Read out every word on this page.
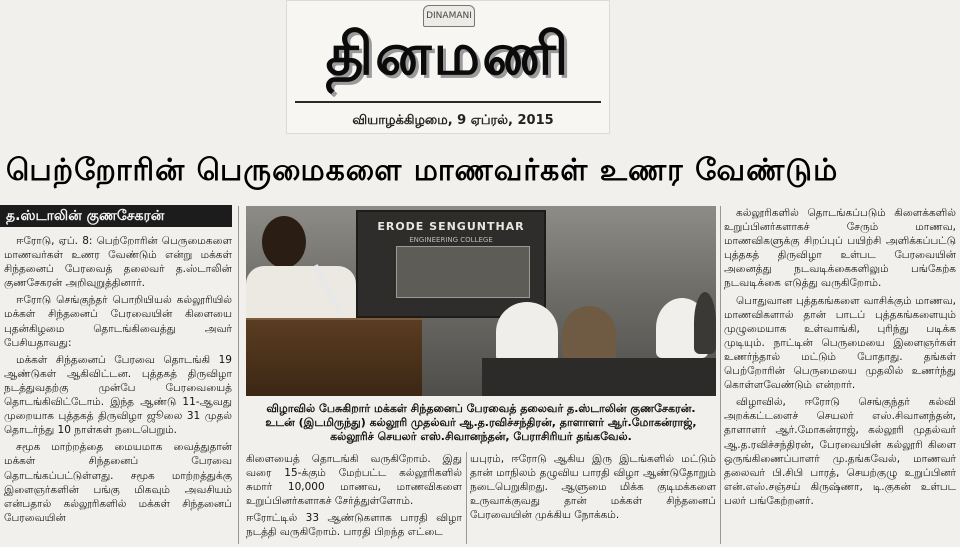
DINAMANI
தினமணி
வியாழக்கிழமை, 9 ஏப்ரல், 2015
பெற்றோரின் பெருமைகளை மாணவர்கள் உணர வேண்டும்
த.ஸ்டாலின் குணசேகரன்

ஈரோடு, ஏப். 8: பெற்றோரின் பெருமைகளை மாணவர்கள் உணர வேண்டும் என்று மக்கள் சிந்தனைப் பேரவைத் தலைவர் த.ஸ்டாலின் குணசேகரன் அறிவுறுத்தினார்.

ஈரோடு செங்குந்தர் பொறியியல் கல்லூரியில் மக்கள் சிந்தனைப் பேரவையின் கிளையை புதன்கிழமை தொடங்கிவைத்து அவர் பேசியதாவது:

மக்கள் சிந்தனைப் பேரவை தொடங்கி 19 ஆண்டுகள் ஆகிவிட்டன. புத்தகத் திருவிழா நடத்துவதற்கு முன்பே பேரவையைத் தொடங்கிவிட்டோம். இந்த ஆண்டு 11-ஆவது முறையாக புத்தகத் திருவிழா ஜூலை 31 முதல் தொடர்ந்து 10 நாள்கள் நடைபெறும்.

சமூக மாற்றத்தை மையமாக வைத்துதான் மக்கள் சிந்தனைப் பேரவை தொடங்கப்பட்டுள்ளது. சமூக மாற்றத்துக்கு இளைஞர்களின் பங்கு மிகவும் அவசியம் என்பதால் கல்லூரிகளில் மக்கள் சிந்தனைப் பேரவையின்

ERODE SENGUNTHAR
ENGINEERING COLLEGE
விழாவில் பேசுகிறார் மக்கள் சிந்தனைப் பேரவைத் தலைவர் த.ஸ்டாலின் குணசேகரன்.
உடன் (இடமிருந்து) கல்லூரி முதல்வர் ஆ.த.ரவிச்சந்திரன், தாளாளர் ஆர்.மோகன்ராஜ்,
கல்லூரிச் செயலர் எஸ்.சிவானந்தன், பேராசிரியர் தங்கவேல்.

கிளையைத் தொடங்கி வருகிறோம். இது வரை 15-க்கும் மேற்பட்ட கல்லூரிகளில் சுமார் 10,000 மாணவ, மாணவிகளை உறுப்பினர்களாகச் சேர்த்துள்ளோம்.

ஈரோட்டில் 33 ஆண்டுகளாக பாரதி விழா நடத்தி வருகிறோம். பாரதி பிறந்த எட்டை

யபுரம், ஈரோடு ஆகிய இரு இடங்களில் மட்டும் தான் மாநிலம் தழுவிய பாரதி விழா ஆண்டுதோறும் நடைபெறுகிறது. ஆளுமை மிக்க குடிமக்களை உருவாக்குவது தான் மக்கள் சிந்தனைப் பேரவையின் முக்கிய நோக்கம்.

கல்லூரிகளில் தொடங்கப்படும் கிளைக்களில் உறுப்பினர்களாகச் சேரும் மாணவ, மாணவிகளுக்கு சிறப்புப் பயிற்சி அளிக்கப்பட்டு புத்தகத் திருவிழா உள்பட பேரவையின் அனைத்து நடவடிக்கைகளிலும் பங்கேற்க நடவடிக்கை எடுத்து வருகிறோம்.

பொதுவான புத்தகங்களை வாசிக்கும் மாணவ, மாணவிகளால் தான் பாடப் புத்தகங்களையும் முழுமையாக உள்வாங்கி, புரிந்து படிக்க முடியும். நாட்டின் பெருமையை இளைஞர்கள் உணர்ந்தால் மட்டும் போதாது. தங்கள் பெற்றோரின் பெருமையை முதலில் உணர்ந்து கொள்ளவேண்டும் என்றார்.

விழாவில், ஈரோடு செங்குந்தர் கல்வி அறக்கட்டளைச் செயலர் எஸ்.சிவானந்தன், தாளாளர் ஆர்.மோகன்ராஜ், கல்லூரி முதல்வர் ஆ.த.ரவிச்சந்திரன், பேரவையின் கல்லூரி கிளை ஒருங்கிணைப்பாளர் மு.தங்கவேல், மாணவர் தலைவர் பி.சிபி பாரத், செயற்குழு உறுப்பினர் என்.எஸ்.சஞ்சய் கிருஷ்ணா, டி.குகன் உள்பட பலர் பங்கேற்றனர்.
